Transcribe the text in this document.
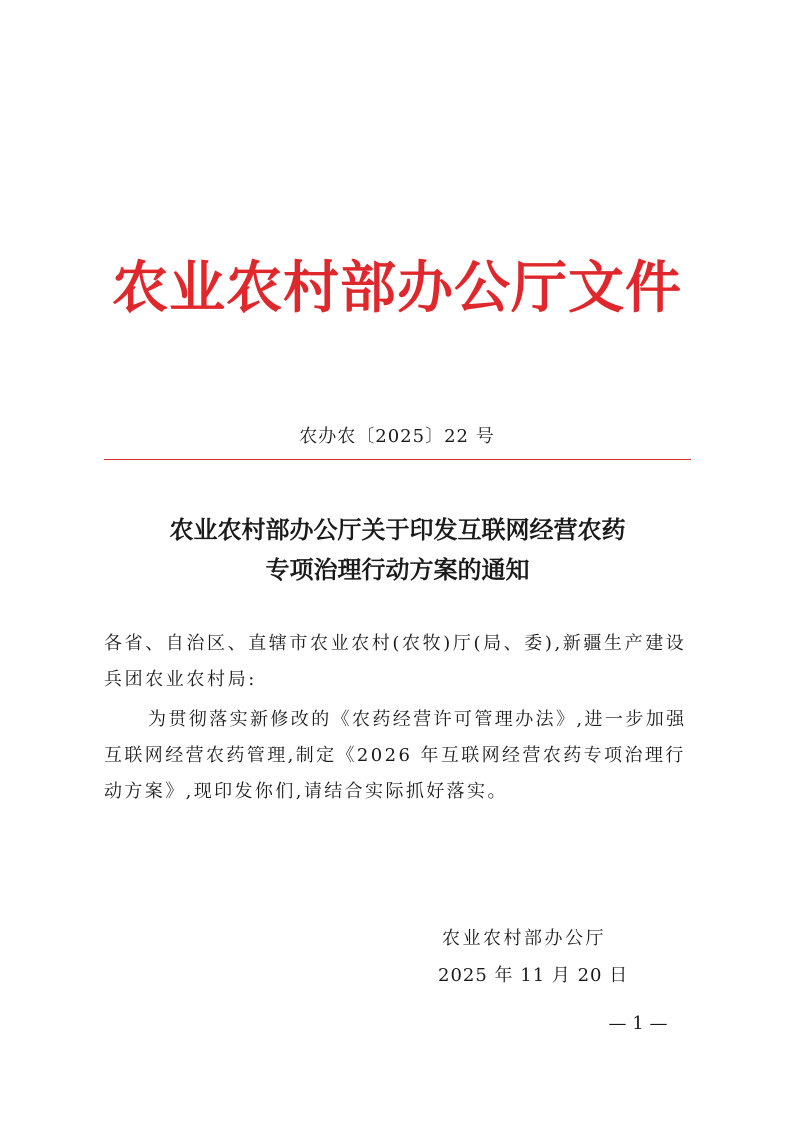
农业农村部办公厅文件
农办农〔2025〕22 号
农业农村部办公厅关于印发互联网经营农药
专项治理行动方案的通知

各省、自治区、直辖市农业农村(农牧)厅(局、委),新疆生产建设兵团农业农村局:

为贯彻落实新修改的《农药经营许可管理办法》,进一步加强互联网经营农药管理,制定《2026 年互联网经营农药专项治理行动方案》,现印发你们,请结合实际抓好落实。

农业农村部办公厅
2025 年 11 月 20 日
— 1 —
